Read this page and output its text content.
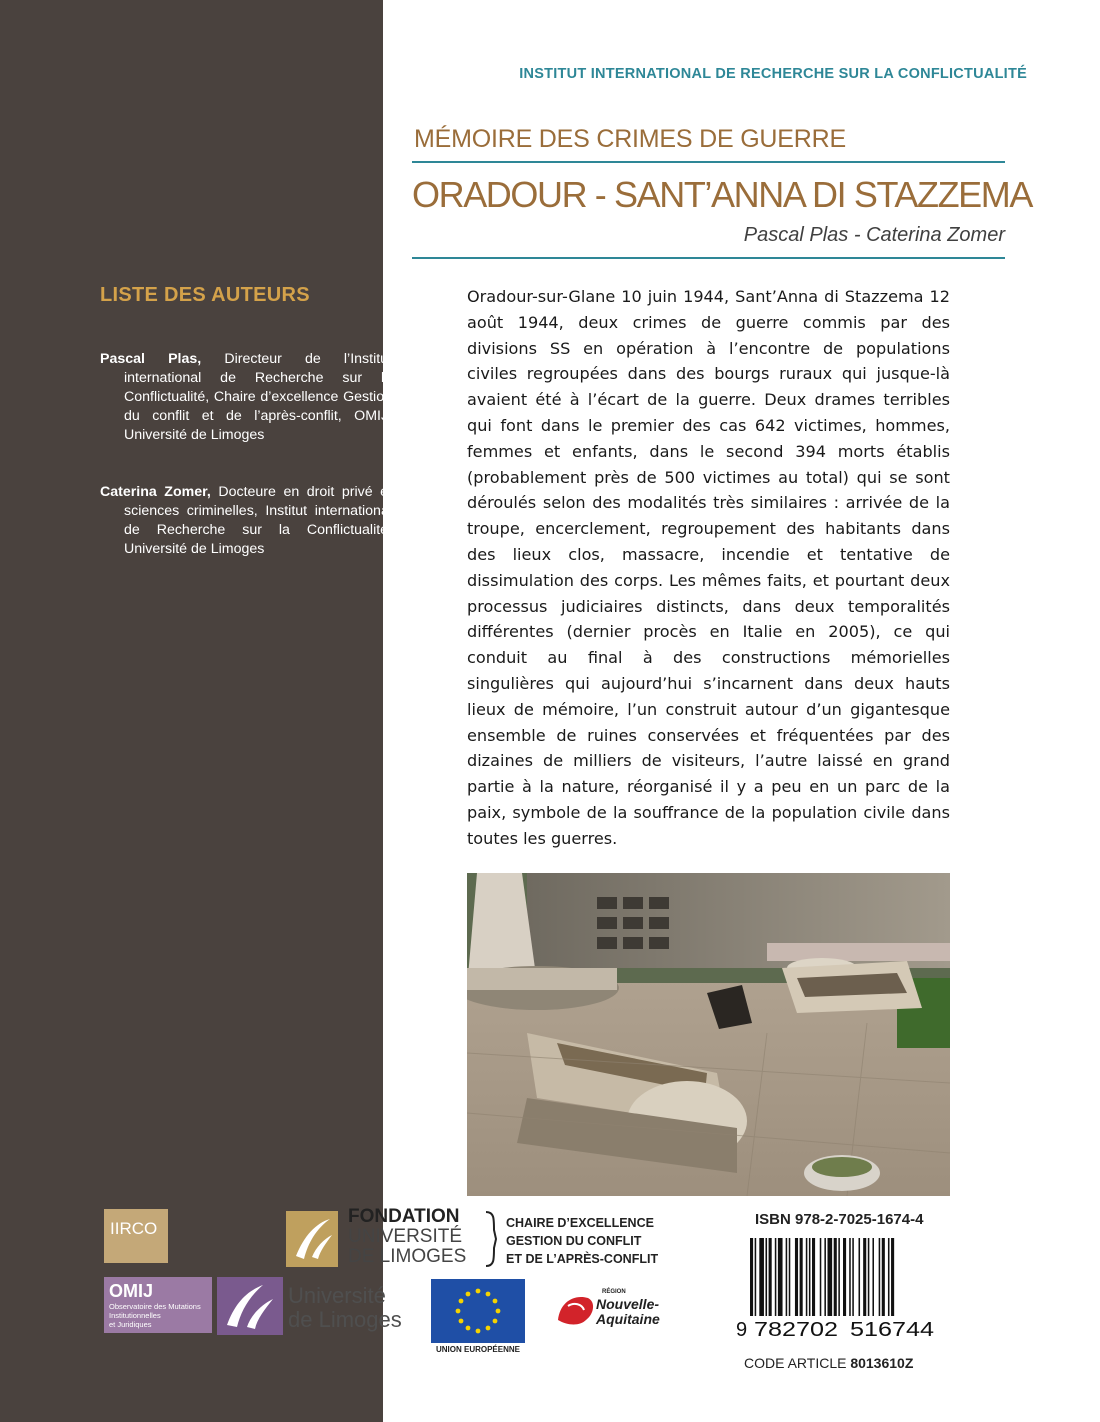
LISTE DES AUTEURS

Pascal Plas, Directeur de l’Institut international de Recherche sur la Conflictualité, Chaire d’excellence Gestion du conflit et de l’après-conflit, OMIJ, Université de Limoges

Caterina Zomer, Docteure en droit privé et sciences criminelles, Institut international de Recherche sur la Conflictualité, Université de Limoges

INSTITUT INTERNATIONAL DE RECHERCHE SUR LA CONFLICTUALITÉ
MÉMOIRE DES CRIMES DE GUERRE
ORADOUR - SANT’ANNA DI STAZZEMA
Pascal Plas - Caterina Zomer

Oradour-sur-Glane 10 juin 1944, Sant’Anna di Stazzema 12 août 1944, deux crimes de guerre commis par des divisions SS en opération à l’encontre de populations civiles regroupées dans des bourgs ruraux qui jusque-là avaient été à l’écart de la guerre. Deux drames terribles qui font dans le premier des cas 642 victimes, hommes, femmes et enfants, dans le second 394 morts établis (probablement près de 500 victimes au total) qui se sont déroulés selon des modalités très similaires : arrivée de la troupe, encerclement, regroupement des habitants dans des lieux clos, massacre, incendie et tentative de dissimulation des corps. Les mêmes faits, et pourtant deux processus judiciaires distincts, dans deux temporalités différentes (dernier procès en Italie en 2005), ce qui conduit au final à des constructions mémorielles singulières qui aujourd’hui s’incarnent dans deux hauts lieux de mémoire, l’un construit autour d’un gigantesque ensemble de ruines conservées et fréquentées par des dizaines de milliers de visiteurs, l’autre laissé en grand partie à la nature, réorganisé il y a peu en un parc de la paix, symbole de la souffrance de la population civile dans toutes les guerres.

IIRCO
FONDATION
UNIVERSITÉ
DE LIMOGES
CHAIRE D’EXCELLENCE
GESTION DU CONFLIT
ET DE L’APRÈS-CONFLIT
OMIJ
Observatoire des Mutations
Institutionnelles
et Juridiques
Université
de Limoges
UNION EUROPÉENNE
RÉGION
Nouvelle-
Aquitaine
ISBN 978-2-7025-1674-4
9 782702 516744
CODE ARTICLE 8013610Z
